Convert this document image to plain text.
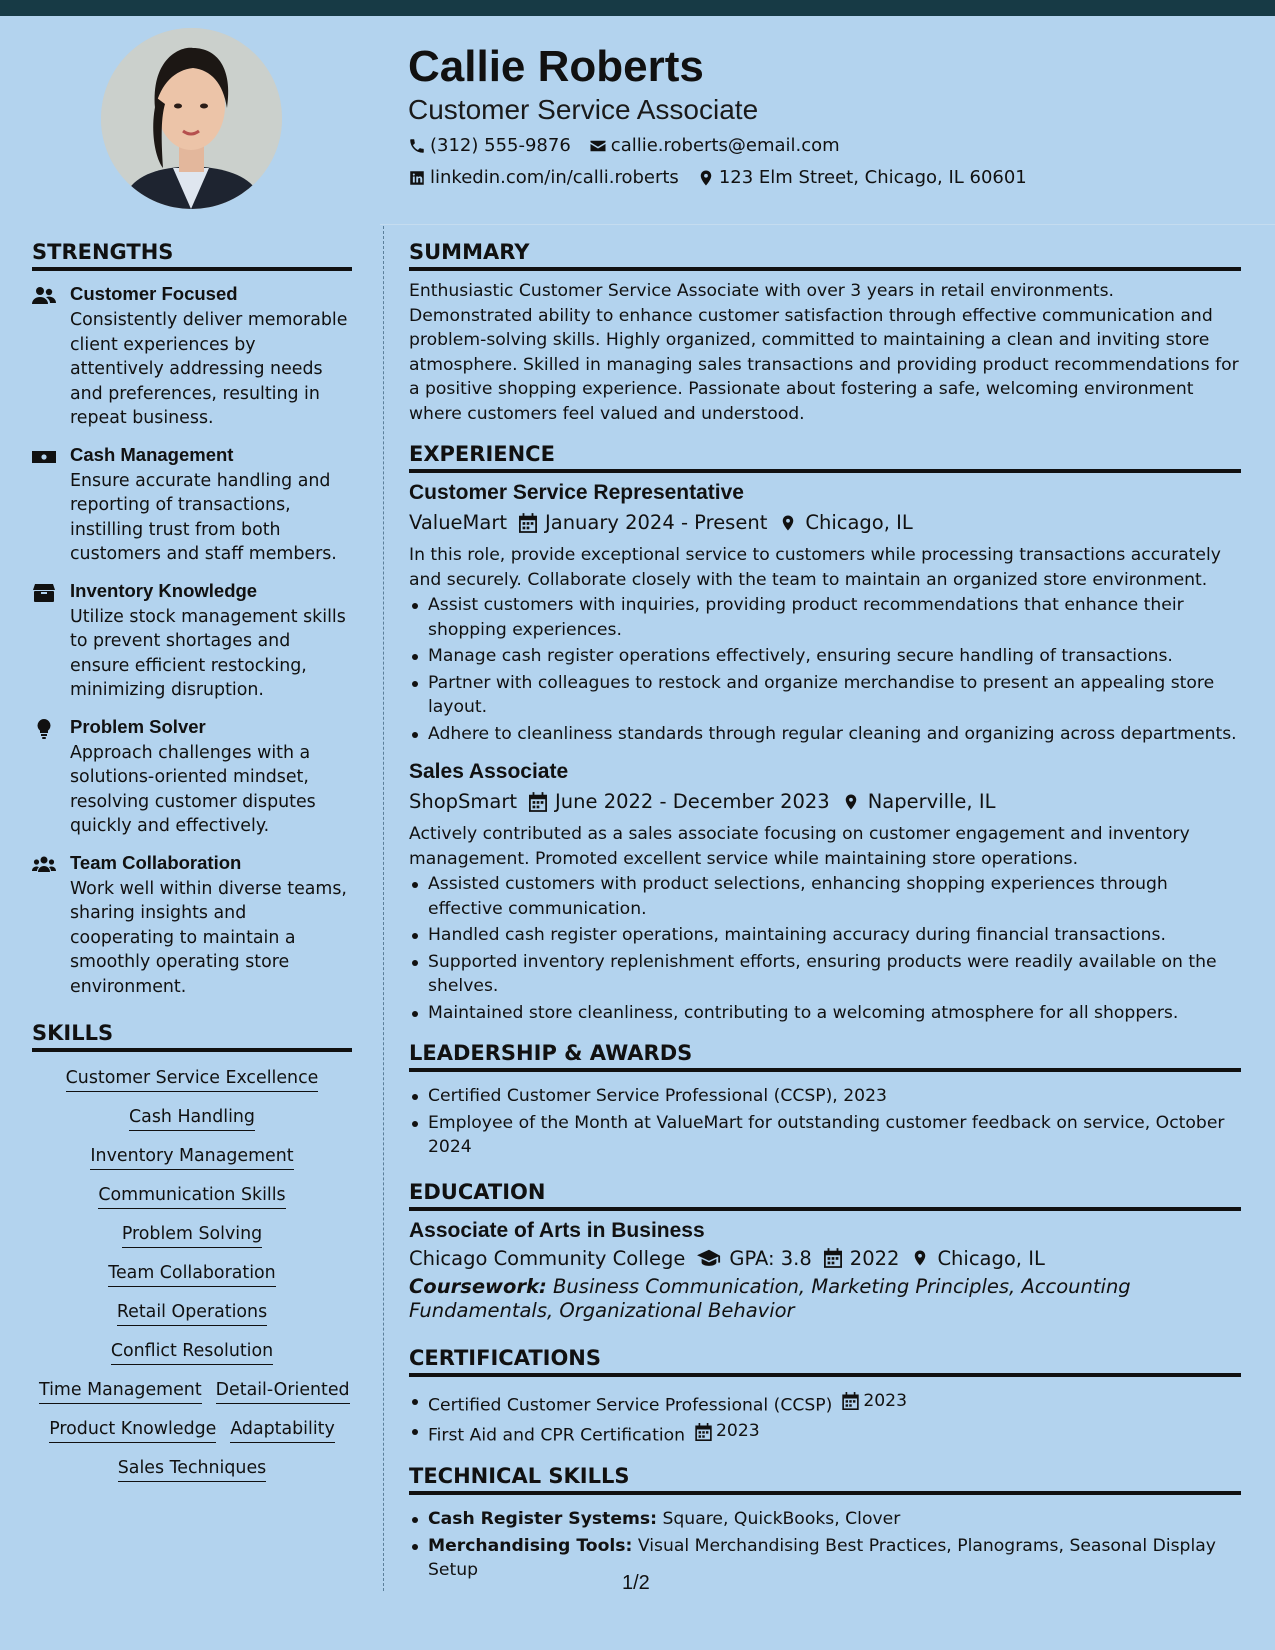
Callie Roberts
Customer Service Associate
(312) 555-9876 callie.roberts@email.com
linkedin.com/in/calli.roberts 123 Elm Street, Chicago, IL 60601
STRENGTHS
Customer Focused
Consistently deliver memorable client experiences by attentively addressing needs and preferences, resulting in repeat business.
Cash Management
Ensure accurate handling and reporting of transactions, instilling trust from both customers and staff members.
Inventory Knowledge
Utilize stock management skills to prevent shortages and ensure efficient restocking, minimizing disruption.
Problem Solver
Approach challenges with a solutions-oriented mindset, resolving customer disputes quickly and effectively.
Team Collaboration
Work well within diverse teams, sharing insights and cooperating to maintain a smoothly operating store environment.
SKILLS
Customer Service Excellence
Cash Handling
Inventory Management
Communication Skills
Problem Solving
Team Collaboration
Retail Operations
Conflict Resolution
Time Management Detail-Oriented
Product Knowledge Adaptability
Sales Techniques
SUMMARY
Enthusiastic Customer Service Associate with over 3 years in retail environments. Demonstrated ability to enhance customer satisfaction through effective communication and problem-solving skills. Highly organized, committed to maintaining a clean and inviting store atmosphere. Skilled in managing sales transactions and providing product recommendations for a positive shopping experience. Passionate about fostering a safe, welcoming environment where customers feel valued and understood.
EXPERIENCE
Customer Service Representative
ValueMart January 2024 - Present Chicago, IL
In this role, provide exceptional service to customers while processing transactions accurately and securely. Collaborate closely with the team to maintain an organized store environment.
Assist customers with inquiries, providing product recommendations that enhance their shopping experiences.
Manage cash register operations effectively, ensuring secure handling of transactions.
Partner with colleagues to restock and organize merchandise to present an appealing store layout.
Adhere to cleanliness standards through regular cleaning and organizing across departments.
Sales Associate
ShopSmart June 2022 - December 2023 Naperville, IL
Actively contributed as a sales associate focusing on customer engagement and inventory management. Promoted excellent service while maintaining store operations.
Assisted customers with product selections, enhancing shopping experiences through effective communication.
Handled cash register operations, maintaining accuracy during financial transactions.
Supported inventory replenishment efforts, ensuring products were readily available on the shelves.
Maintained store cleanliness, contributing to a welcoming atmosphere for all shoppers.
LEADERSHIP & AWARDS
Certified Customer Service Professional (CCSP), 2023
Employee of the Month at ValueMart for outstanding customer feedback on service, October 2024
EDUCATION
Associate of Arts in Business
Chicago Community College GPA: 3.8 2022 Chicago, IL
Coursework: Business Communication, Marketing Principles, Accounting Fundamentals, Organizational Behavior
CERTIFICATIONS
Certified Customer Service Professional (CCSP) 2023
First Aid and CPR Certification 2023
TECHNICAL SKILLS
Cash Register Systems: Square, QuickBooks, Clover
Merchandising Tools: Visual Merchandising Best Practices, Planograms, Seasonal Display Setup
1/2
